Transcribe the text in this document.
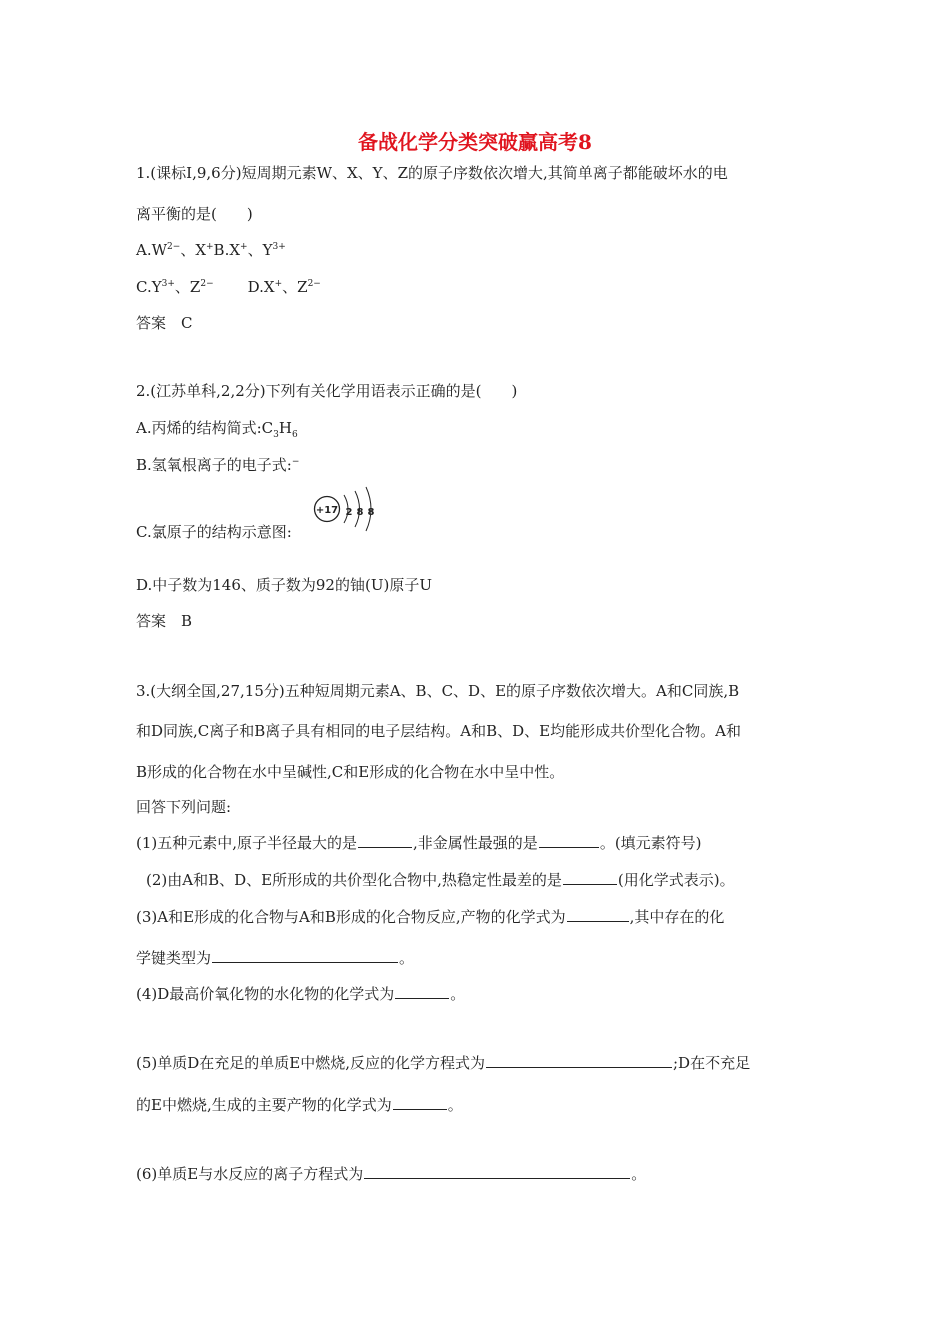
备战化学分类突破赢高考8
1.(课标Ⅰ,9,6分)短周期元素W、X、Y、Z的原子序数依次增大,其简单离子都能破坏水的电
离平衡的是(　　)
$A.W^{2-}$、X+B.X+、$Y^{3+}$
$C.Y^{3+}$、$Z^{2-}$ D.X+、$Z^{2-}$
答案　C
2.(江苏单科,2,2分)下列有关化学用语表示正确的是(　　)
A.丙烯的结构简式$:C_3H_6$
B.氢氧根离子的电子式:−
C.氯原子的结构示意图:
+17 2 8 8
D.中子数为146、质子数为92的铀(U)原子U
答案　B
3.(大纲全国,27,15分)五种短周期元素A、B、C、D、E的原子序数依次增大。A和C同族,B
和D同族,C离子和B离子具有相同的电子层结构。A和B、D、E均能形成共价型化合物。A和
B形成的化合物在水中呈碱性,C和E形成的化合物在水中呈中性。
回答下列问题:
(1)五种元素中,原子半径最大的是	,非金属性最强的是	。(填元素符号)
(2)由A和B、D、E所形成的共价型化合物中,热稳定性最差的是	(用化学式表示)。
(3)A和E形成的化合物与A和B形成的化合物反应,产物的化学式为	,其中存在的化
学键类型为	。
(4)D最高价氧化物的水化物的化学式为	。
(5)单质D在充足的单质E中燃烧,反应的化学方程式为	;D在不充足
的E中燃烧,生成的主要产物的化学式为	。
(6)单质E与水反应的离子方程式为	。
